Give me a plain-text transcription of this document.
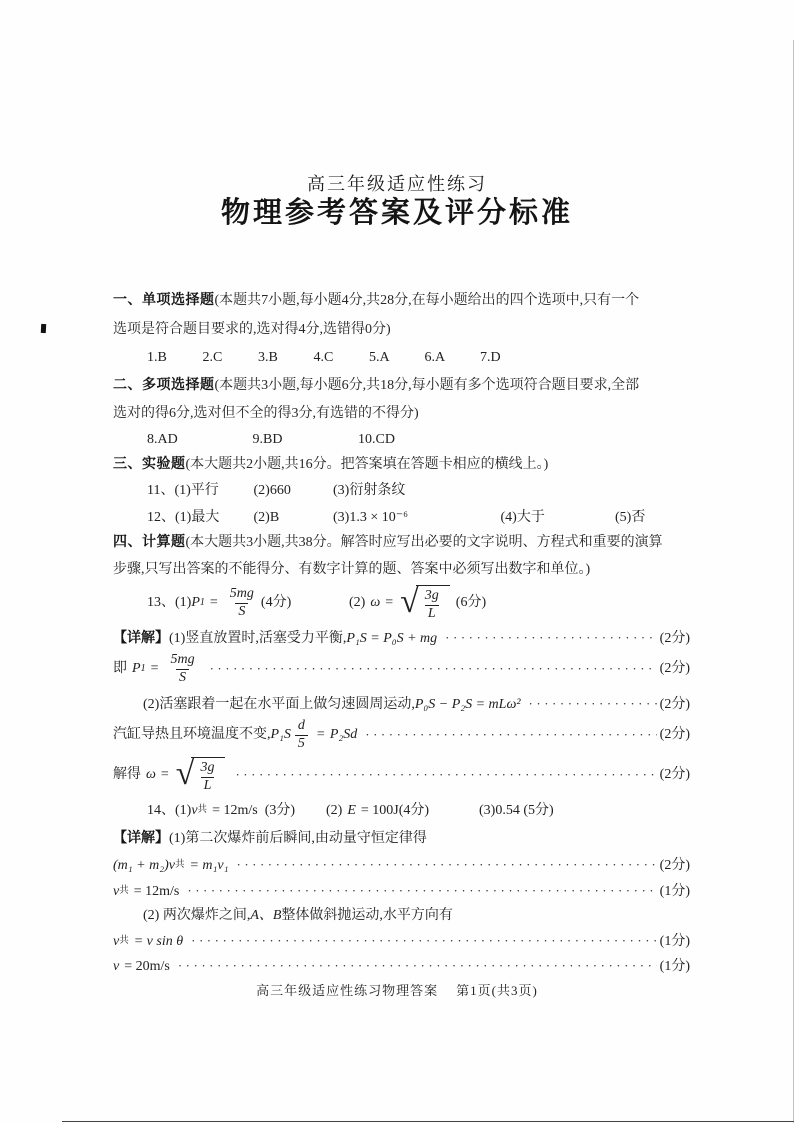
高三年级适应性练习
物理参考答案及评分标准
一、单项选择题(本题共7小题,每小题4分,共28分,在每小题给出的四个选项中,只有一个
选项是符合题目要求的,选对得4分,选错得0分)
1.B	2.C	3.B	4.C	5.A 6.A 7.D
二、多项选择题(本题共3小题,每小题6分,共18分,每小题有多个选项符合题目要求,全部
选对的得6分,选对但不全的得3分,有选错的不得分)
8.AD	9.BD	10.CD
三、实验题(本大题共2小题,共16分。把答案填在答题卡相应的横线上。)
11、(1)平行 (2)660	(3)衍射条纹
12、(1)最大 (2)B	(3)1.3 × 10⁻⁶	(4)大于	(5)否
四、计算题(本大题共3小题,共38分。解答时应写出必要的文字说明、方程式和重要的演算
步骤,只写出答案的不能得分、有数字计算的题、答案中必须写出数字和单位。)
13、(1) P $1 = \frac{5mg}{S} (4$分)	(2) ω = √ $\frac{3g}{L} (6$分)
【详解】 (1)竖直放置时,活塞受力平衡, P₁S = P₀S + mg ·····	(2分)
即 P $1 = \frac{5mg}{S}$ ·····	(2分)
(2)活塞跟着一起在水平面上做匀速圆周运动, P₀S − P₂S = mLω² ·····	(2分)
汽缸导热且环境温度不变, $P_1S \frac{d}{5} = P_2Sd$ ·····	(2分)
解得 ω = √ $\frac{3g}{L}$ ·····	(2分)
14、(1) v 共 = 12m/s (3分) (2) E = 100J(4分)	(3)0.54 (5分)
【详解】(1)第二次爆炸前后瞬间,由动量守恒定律得
(m₁ + m₂) v 共 = m₁v₁ ·····	(2分)
v 共 = 12m/s ·····	(1分)
(2) 两次爆炸之间,A、B整体做斜抛运动,水平方向有
v 共 = v sin θ ·····	(1分)
v = 20m/s ·····	(1分)
高三年级适应性练习物理答案 第1页(共3页)
